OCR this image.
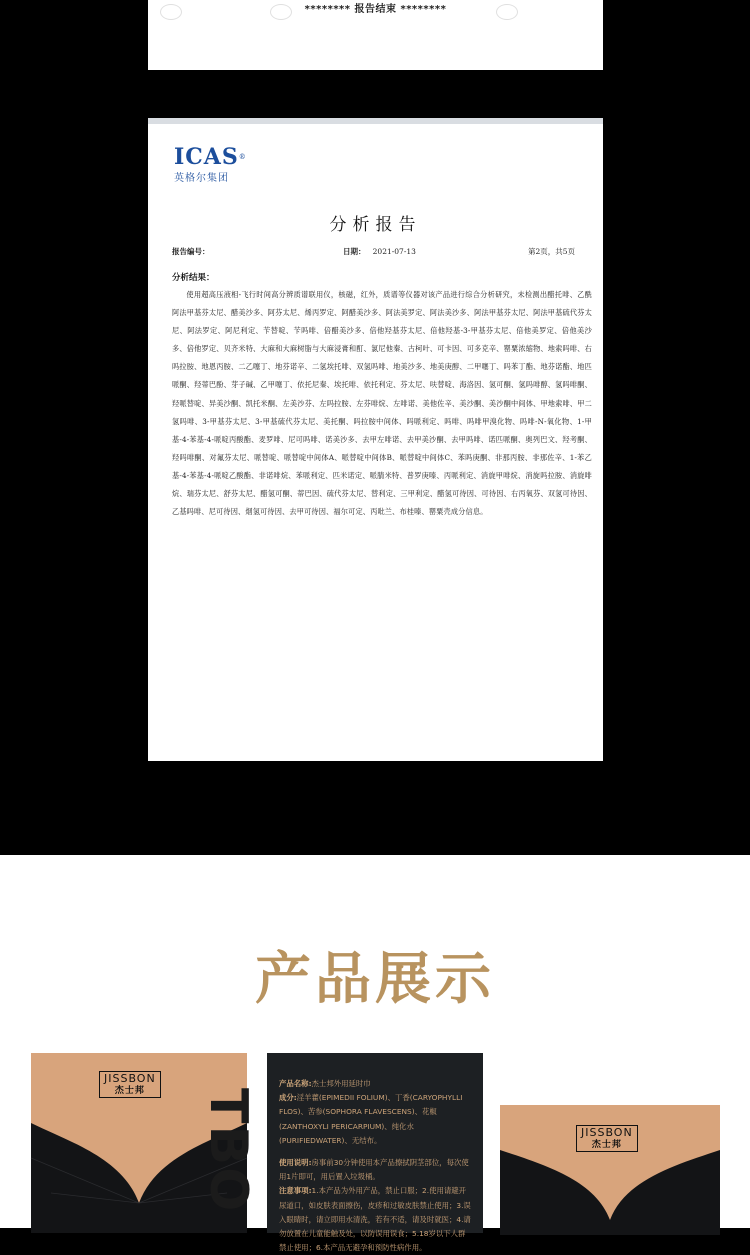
******** 报告结束 ********
ICAS®
英格尔集团
分析报告
报告编号：	日期： 2021-07-13	第2页，共5页
分析结果：
使用超高压液相-飞行时间高分辨质谱联用仪，核磁，红外，质谱等仪器对该产品进行综合分析研究，未检测出醋托啡、乙酰阿法甲基芬太尼、醋美沙多、阿芬太尼、烯丙罗定、阿醋美沙多、阿法美罗定、阿法美沙多、阿法甲基芬太尼、阿法甲基硫代芬太尼、阿法罗定、阿尼利定、苄替啶、苄吗啡、倍醋美沙多、倍他羟基芬太尼、倍他羟基-3-甲基芬太尼、倍他美罗定、倍他美沙多、倍他罗定、贝齐米特、大麻和大麻树脂与大麻浸膏和酊、氯尼他秦、古柯叶、可卡因、可多克辛、罂粟浓缩物、地索吗啡、右吗拉胺、地恩丙胺、二乙噻丁、地芬诺辛、二氢埃托啡、双氢吗啡、地美沙多、地美庚醇、二甲噻丁、吗苯丁酯、地芬诺酯、地匹哌酮、羟蒂巴酚、芽子碱、乙甲噻丁、依托尼秦、埃托啡、依托利定、芬太尼、呋替啶、海洛因、氢可酮、氢吗啡醇、氢吗啡酮、羟哌替啶、异美沙酮、凯托米酮、左美沙芬、左吗拉胺、左芬啡烷、左啡诺、美他佐辛、美沙酮、美沙酮中间体、甲地索啡、甲二氢吗啡、3-甲基芬太尼、3-甲基硫代芬太尼、美托酮、吗拉胺中间体、吗哌利定、吗啡、吗啡甲溴化物、吗啡-N-氧化物、1-甲基-4-苯基-4-哌啶丙酸酯、麦罗啡、尼可吗啡、诺美沙多、去甲左啡诺、去甲美沙酮、去甲吗啡、诺匹哌酮、奥列巴文、羟考酮、羟吗啡酮、对氟芬太尼、哌替啶、哌替啶中间体A、哌替啶中间体B、哌替啶中间体C、苯吗庚酮、非那丙胺、非那佐辛、1-苯乙基-4-苯基-4-哌啶乙酸酯、非诺啡烷、苯哌利定、匹米诺定、哌腈米特、普罗庚嗪、丙哌利定、消旋甲啡烷、消旋吗拉胺、消旋啡烷、瑞芬太尼、舒芬太尼、醋氢可酮、蒂巴因、硫代芬太尼、替利定、三甲利定、醋氢可待因、可待因、右丙氧芬、双氢可待因、乙基吗啡、尼可待因、烟氢可待因、去甲可待因、福尔可定、丙吡兰、布桂嗪、罂粟壳成分信息。
产品展示
JISSBON
杰士邦 TBO

产品名称:杰士邦外用延时巾

成分:淫羊藿(EPIMEDII FOLIUM)、丁香(CARYOPHYLLI FLOS)、苦参(SOPHORA FLAVESCENS)、花椒(ZANTHOXYLI PERICARPIUM)、纯化水(PURIFIEDWATER)、无结布。

使用说明:房事前30分钟使用本产品擦拭阴茎部位，每次使用1片即可，用后置入垃圾桶。

注意事项:1.本产品为外用产品，禁止口服；2.使用请避开尿道口，如皮肤表面擦伤，皮疹和过敏皮肤禁止使用；3.误入眼睛时，请立即用水清洗，若有不适，请及时就医；4.请勿放置在儿童能触及处，以防误用误食；5.18岁以下人群禁止使用；6.本产品无避孕和预防性病作用。

JISSBON
杰士邦
